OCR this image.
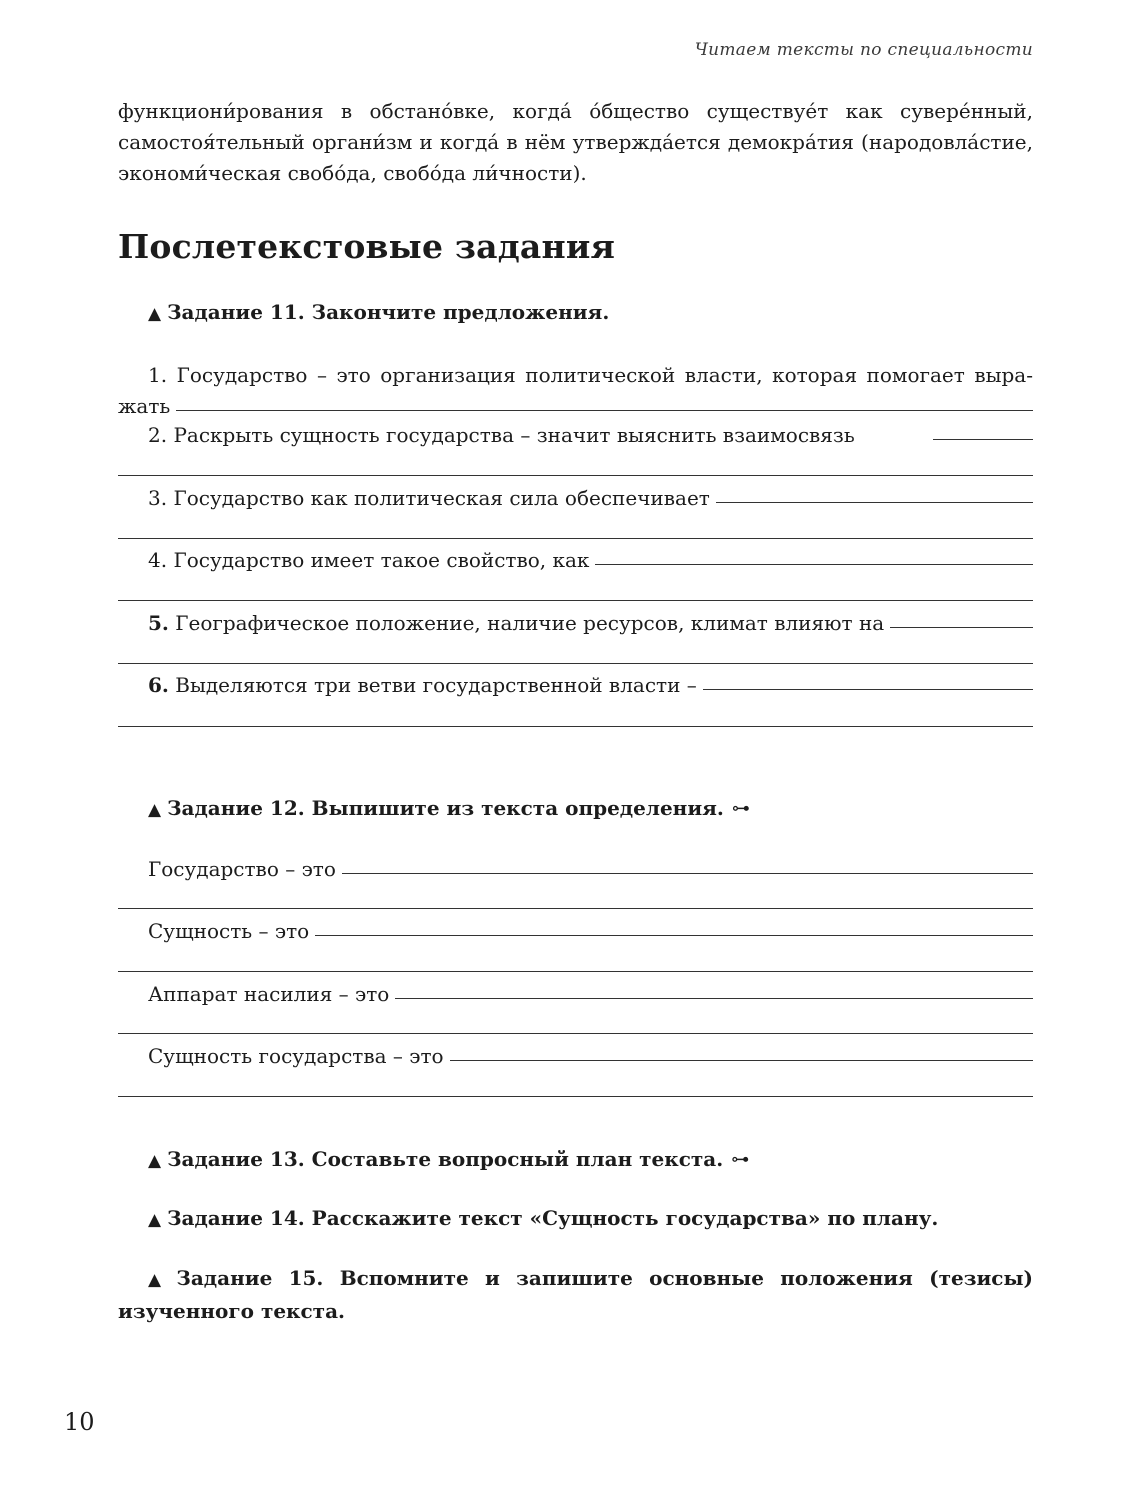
Читаем тексты по специальности
функциони́рования в обстано́вке, когда́ о́бщество существуе́т как сувере́нный, самостоя́тельный органи́зм и когда́ в нём утвержда́ется демокра́тия (народовла́стие, экономи́ческая свобо́да, свобо́да ли́чности).
Послетекстовые задания
▲ Задание 11. Закончите предложения.
1. Государство – это организация политической власти, которая помогает выра-
жать
2. Раскрыть сущность государства – значит выяснить взаимосвязь
3. Государство как политическая сила обеспечивает
4. Государство имеет такое свойство, как
5. Географическое положение, наличие ресурсов, климат влияют на
6. Выделяются три ветви государственной власти –
▲ Задание 12. Выпишите из текста определения. ⊶
Государство – это
Сущность – это
Аппарат насилия – это
Сущность государства – это
▲ Задание 13. Составьте вопросный план текста. ⊶
▲ Задание 14. Расскажите текст «Сущность государства» по плану.
▲ Задание 15. Вспомните и запишите основные положения (тезисы) изученного текста.
10
